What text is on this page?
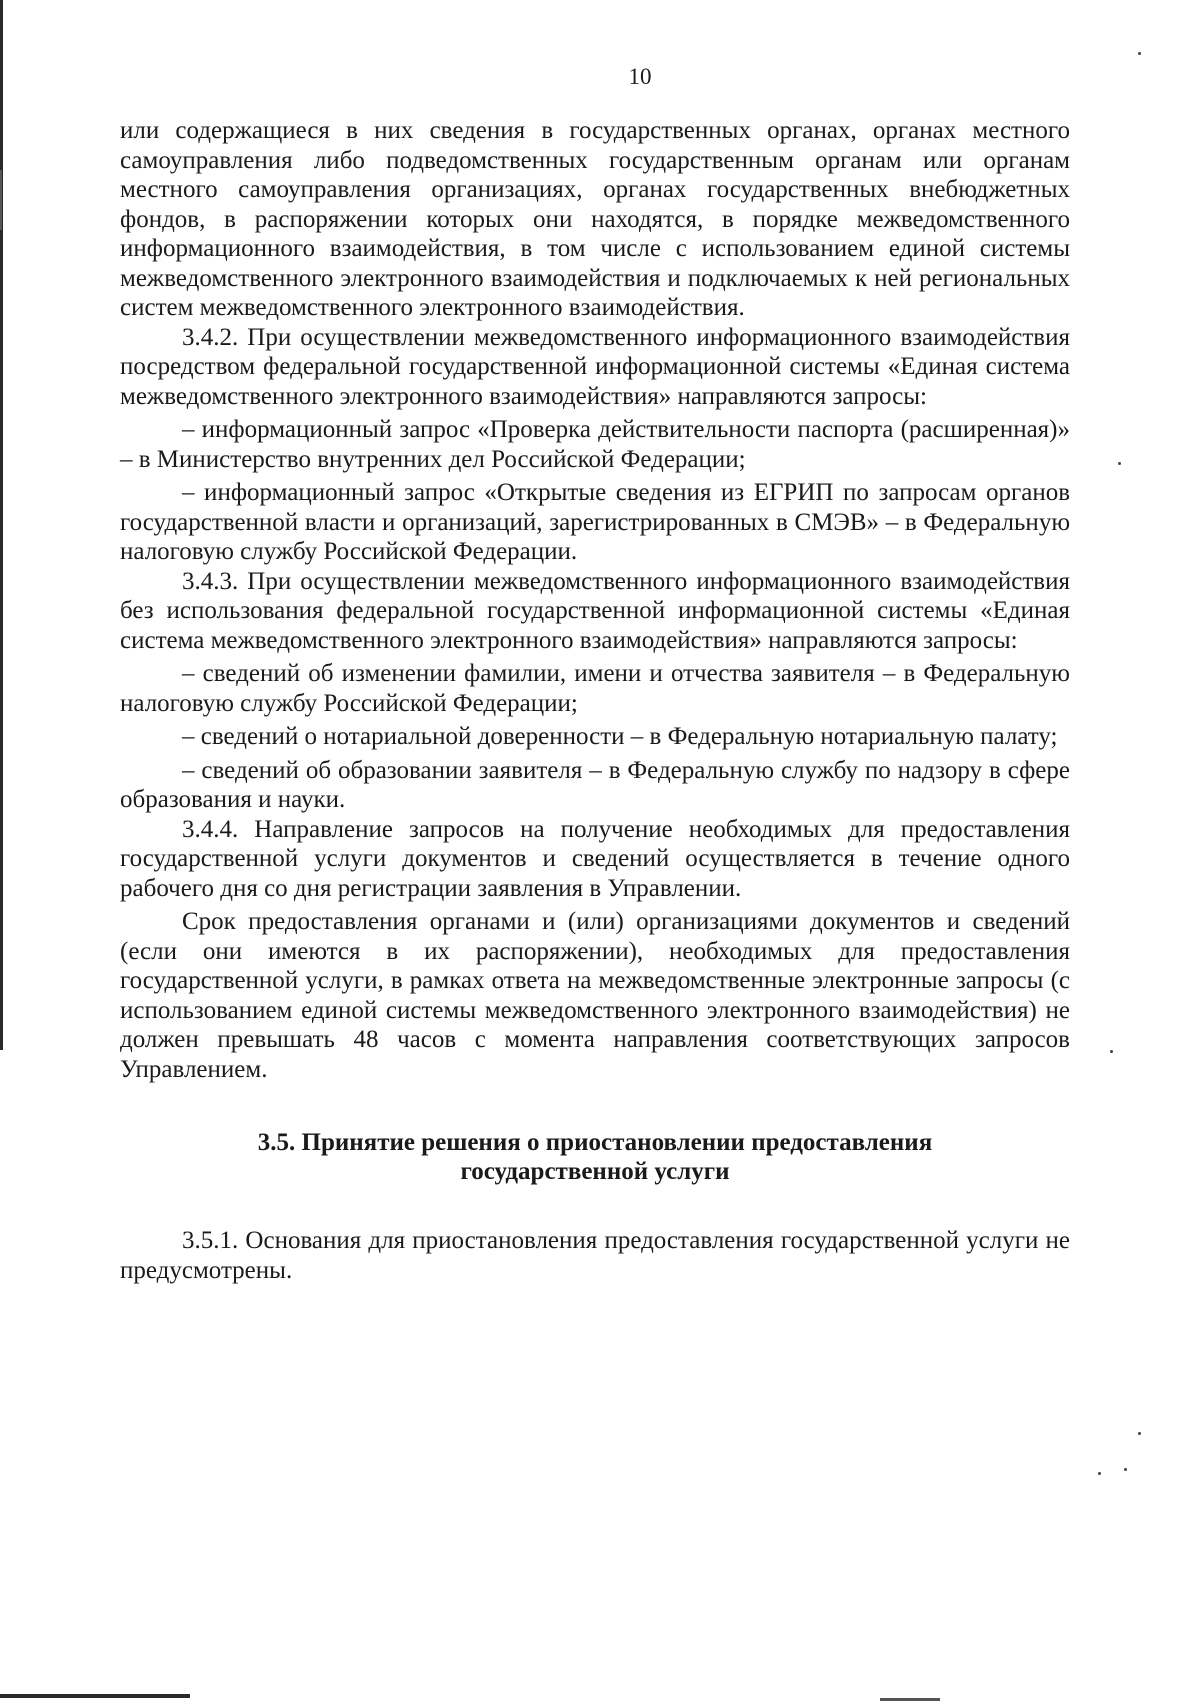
10

или содержащиеся в них сведения в государственных органах, органах местного самоуправления либо подведомственных государственным органам или органам местного самоуправления организациях, органах государственных внебюджетных фондов, в распоряжении которых они находятся, в порядке межведомственного информационного взаимодействия, в том числе с использованием единой системы межведомственного электронного взаимодействия и подключаемых к ней региональных систем межведомственного электронного взаимодействия.

3.4.2. При осуществлении межведомственного информационного взаимодействия посредством федеральной государственной информационной системы «Единая система межведомственного электронного взаимодействия» направляются запросы:

– информационный запрос «Проверка действительности паспорта (расширенная)» – в Министерство внутренних дел Российской Федерации;

– информационный запрос «Открытые сведения из ЕГРИП по запросам органов государственной власти и организаций, зарегистрированных в СМЭВ» – в Федеральную налоговую службу Российской Федерации.

3.4.3. При осуществлении межведомственного информационного взаимодействия без использования федеральной государственной информационной системы «Единая система межведомственного электронного взаимодействия» направляются запросы:

– сведений об изменении фамилии, имени и отчества заявителя – в Федеральную налоговую службу Российской Федерации;

– сведений о нотариальной доверенности – в Федеральную нотариальную палату;

– сведений об образовании заявителя – в Федеральную службу по надзору в сфере образования и науки.

3.4.4. Направление запросов на получение необходимых для предоставления государственной услуги документов и сведений осуществляется в течение одного рабочего дня со дня регистрации заявления в Управлении.

Срок предоставления органами и (или) организациями документов и сведений (если они имеются в их распоряжении), необходимых для предоставления государственной услуги, в рамках ответа на межведомственные электронные запросы (с использованием единой системы межведомственного электронного взаимодействия) не должен превышать 48 часов с момента направления соответствующих запросов Управлением.

3.5. Принятие решения о приостановлении предоставления
государственной услуги

3.5.1. Основания для приостановления предоставления государственной услуги не предусмотрены.
